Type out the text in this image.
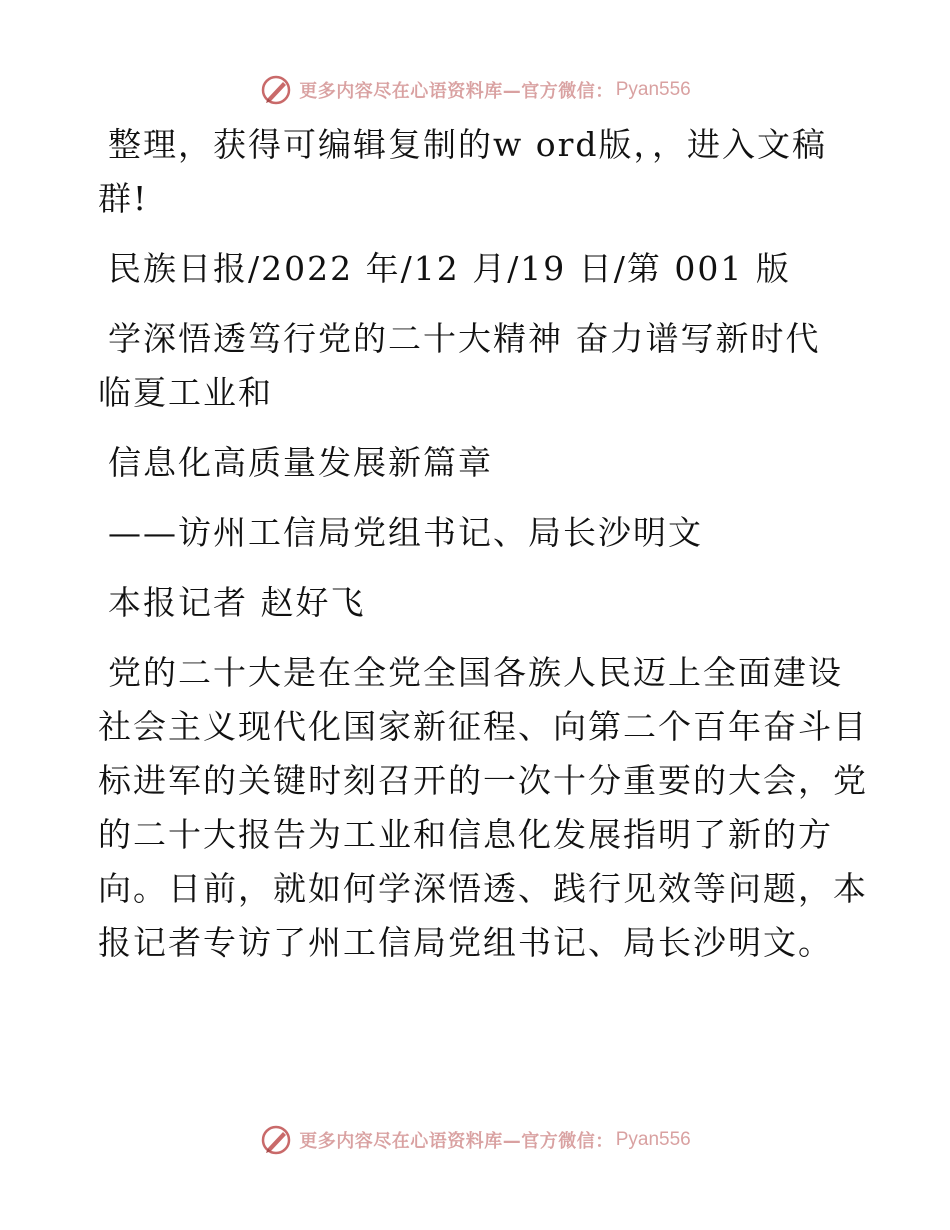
更多内容尽在心语资料库—官方微信： Pyan556
整理，获得可编辑复制的w ord版，，进入文稿
群!
民族日报/2022 年/12 月/19 日/第 001 版
学深悟透笃行党的二十大精神 奋力谱写新时代
临夏工业和
信息化高质量发展新篇章
——访州工信局党组书记、局长沙明文
本报记者 赵好飞
党的二十大是在全党全国各族人民迈上全面建设
社会主义现代化国家新征程、向第二个百年奋斗目
标进军的关键时刻召开的一次十分重要的大会，党
的二十大报告为工业和信息化发展指明了新的方
向。日前，就如何学深悟透、践行见效等问题，本
报记者专访了州工信局党组书记、局长沙明文。
更多内容尽在心语资料库—官方微信： Pyan556
